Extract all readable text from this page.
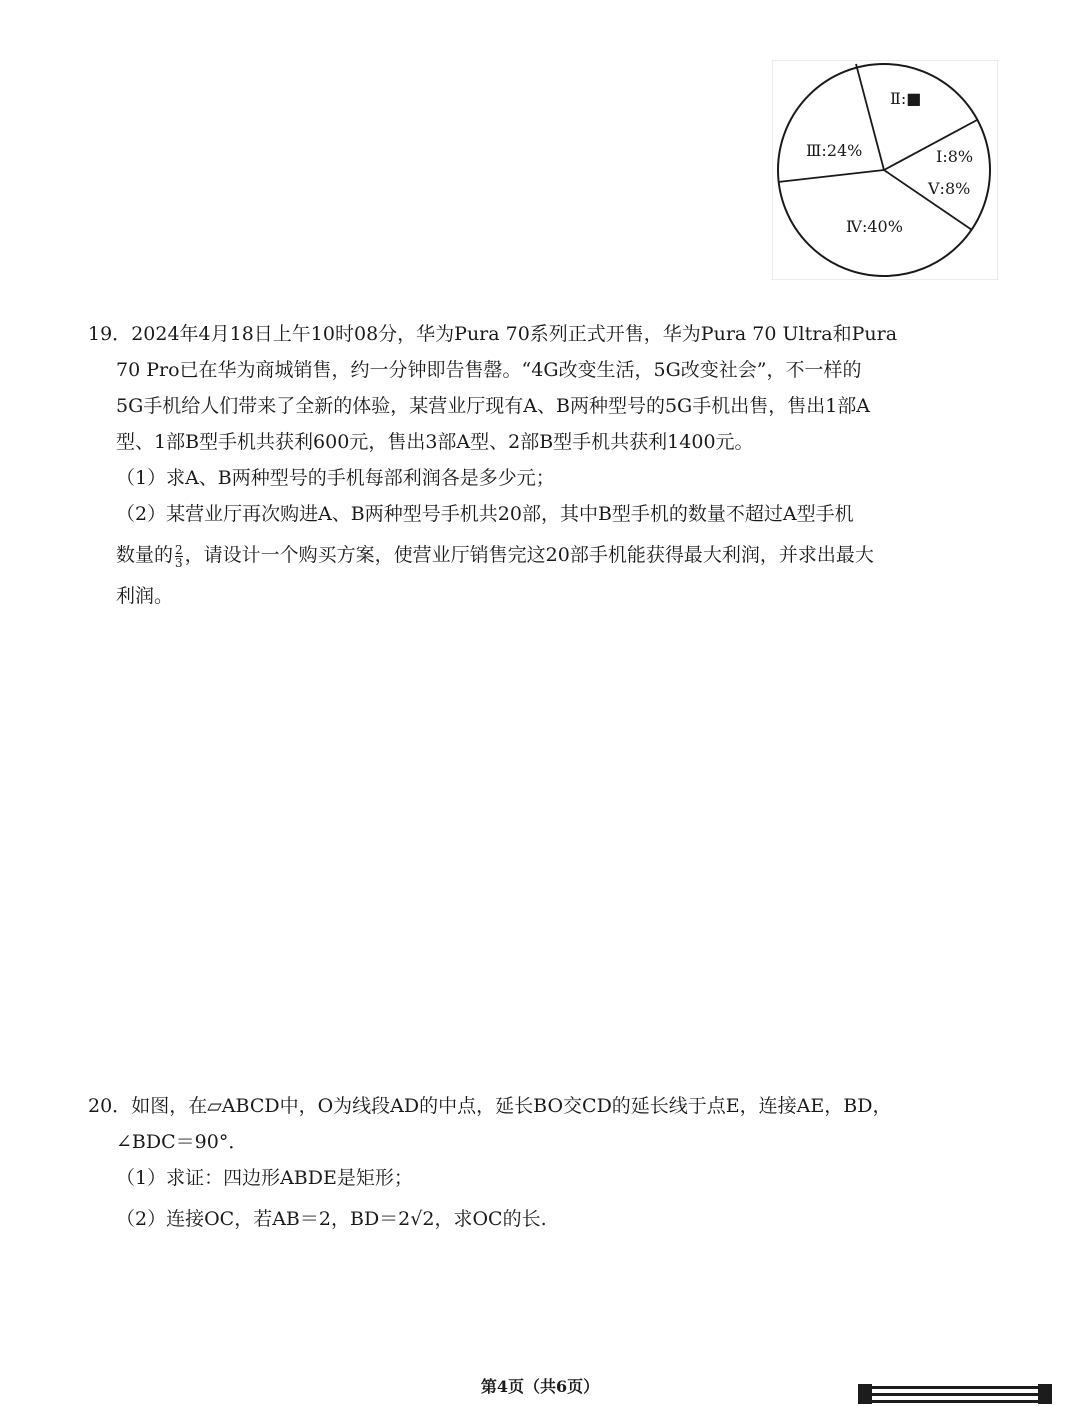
Ⅱ:■
Ⅰ:8%
Ⅴ:8%
Ⅳ:40%
Ⅲ:24%
19．2024年4月18日上午10时08分，华为Pura 70系列正式开售，华为Pura 70 Ultra和Pura
70 Pro已在华为商城销售，约一分钟即告售罄。“4G改变生活，5G改变社会”，不一样的
5G手机给人们带来了全新的体验，某营业厅现有A、B两种型号的5G手机出售，售出1部A
型、1部B型手机共获利600元，售出3部A型、2部B型手机共获利1400元。
（1）求A、B两种型号的手机每部利润各是多少元；
（2）某营业厅再次购进A、B两种型号手机共20部，其中B型手机的数量不超过A型手机
数量的 $\frac{2}{3}$ ，请设计一个购买方案，使营业厅销售完这20部手机能获得最大利润，并求出最大
利润。
20．如图，在▱ABCD中，O为线段AD的中点，延长BO交CD的延长线于点E，连接AE，BD，
∠BDC＝90°．
（1）求证：四边形ABDE是矩形；
（2）连接OC，若AB＝2，BD＝2√2，求OC的长.
第4页（共6页）
